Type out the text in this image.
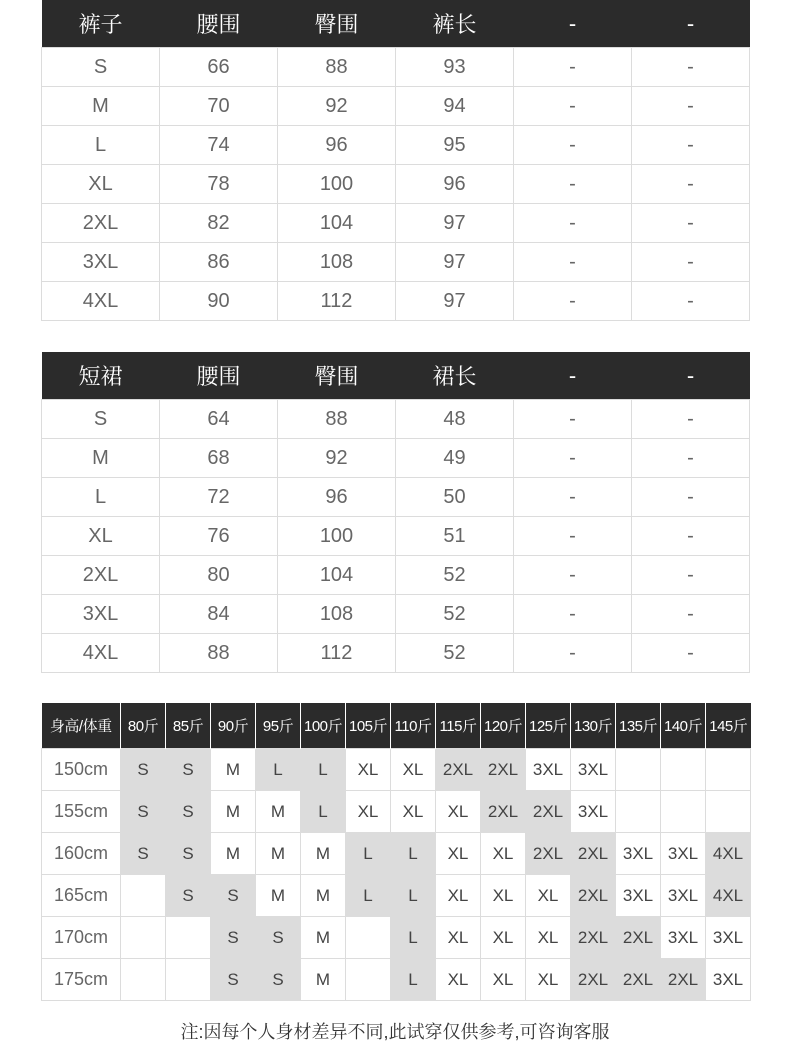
裤子	腰围	臀围	裤长	-	-
S	66	88	93	-	-
M	70	92	94	-	-
L	74	96	95	-	-
XL	78	100	96	-	-
2XL	82	104	97	-	-
3XL	86	108	97	-	-
4XL	90	112	97	-	-
短裙	腰围	臀围	裙长	-	-
S	64	88	48	-	-
M	68	92	49	-	-
L	72	96	50	-	-
XL	76	100	51	-	-
2XL	80	104	52	-	-
3XL	84	108	52	-	-
4XL	88	112	52	-	-
身高/体重	80斤	85斤	90斤	95斤	100斤	105斤	110斤	115斤	120斤	125斤	130斤	135斤	140斤	145斤
150cm	S	S	M	L	L	XL	XL	2XL	2XL	3XL	3XL			
155cm	S	S	M	M	L	XL	XL	XL	2XL	2XL	3XL			
160cm	S	S	M	M	M	L	L	XL	XL	2XL	2XL	3XL	3XL	4XL
165cm		S	S	M	M	L	L	XL	XL	XL	2XL	3XL	3XL	4XL
170cm			S	S	M		L	XL	XL	XL	2XL	2XL	3XL	3XL
175cm			S	S	M		L	XL	XL	XL	2XL	2XL	2XL	3XL
注:因每个人身材差异不同,此试穿仅供参考,可咨询客服
